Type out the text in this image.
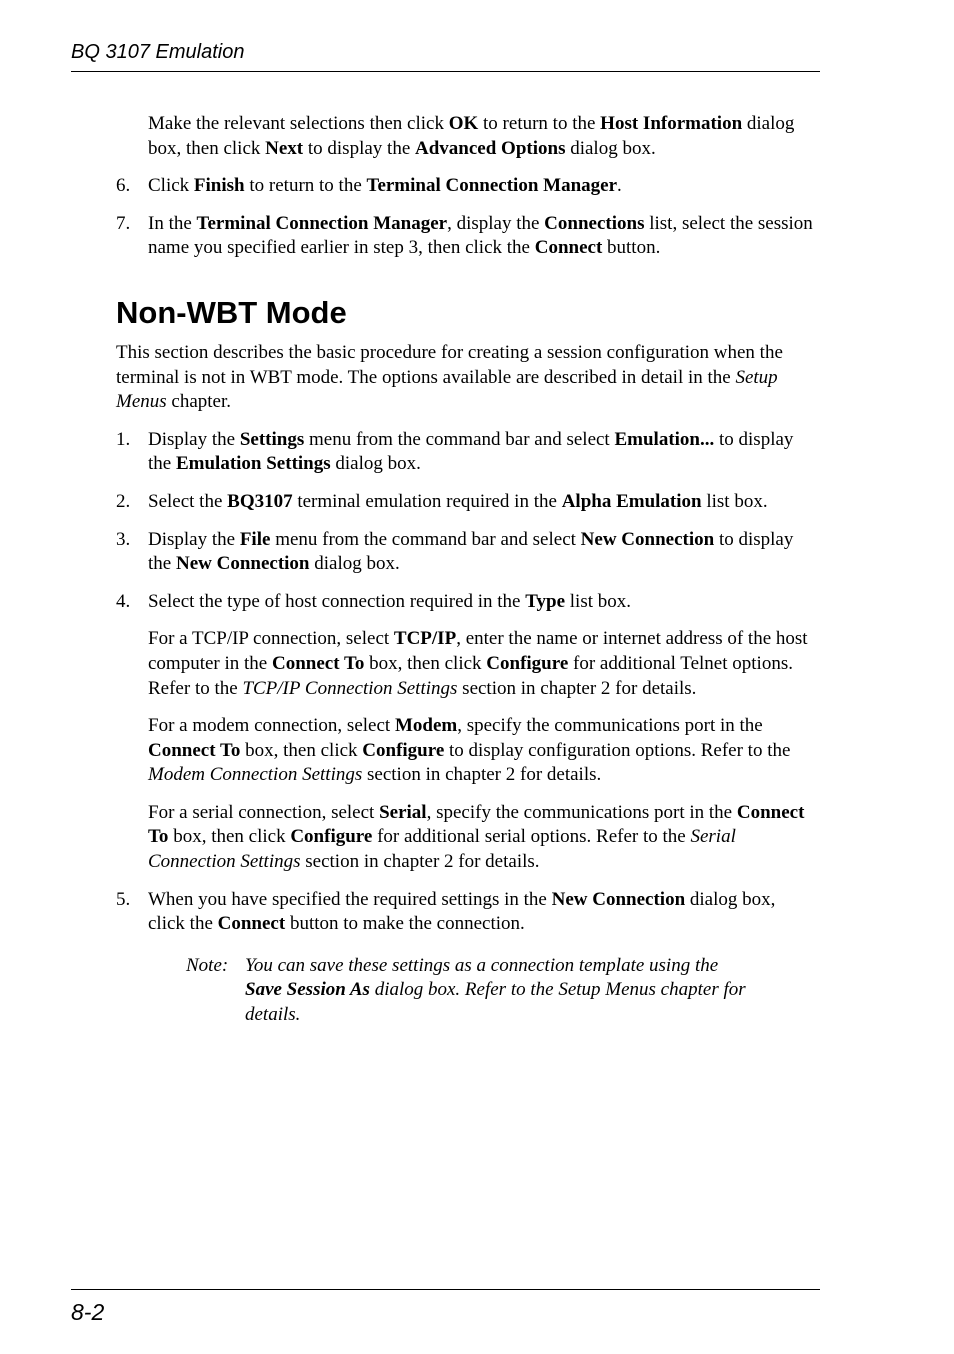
BQ 3107 Emulation

Make the relevant selections then click OK to return to the Host Information dialog box, then click Next to display the Advanced Options dialog box.

6. Click Finish to return to the Terminal Connection Manager.

7. In the Terminal Connection Manager, display the Connections list, select the session name you specified earlier in step 3, then click the Connect button.

Non-WBT Mode

This section describes the basic procedure for creating a session configuration when the terminal is not in WBT mode. The options available are described in detail in the Setup Menus chapter.

1. Display the Settings menu from the command bar and select Emulation... to display the Emulation Settings dialog box.

2. Select the BQ3107 terminal emulation required in the Alpha Emulation list box.

3. Display the File menu from the command bar and select New Connection to display the New Connection dialog box.

4. Select the type of host connection required in the Type list box.

For a TCP/IP connection, select TCP/IP, enter the name or internet address of the host computer in the Connect To box, then click Configure for additional Telnet options. Refer to the TCP/IP Connection Settings section in chapter 2 for details.

For a modem connection, select Modem, specify the communications port in the Connect To box, then click Configure to display configuration options. Refer to the Modem Connection Settings section in chapter 2 for details.

For a serial connection, select Serial, specify the communications port in the Connect To box, then click Configure for additional serial options. Refer to the Serial Connection Settings section in chapter 2 for details.

5. When you have specified the required settings in the New Connection dialog box, click the Connect button to make the connection.

Note: You can save these settings as a connection template using the Save Session As dialog box. Refer to the Setup Menus chapter for details.

8-2
